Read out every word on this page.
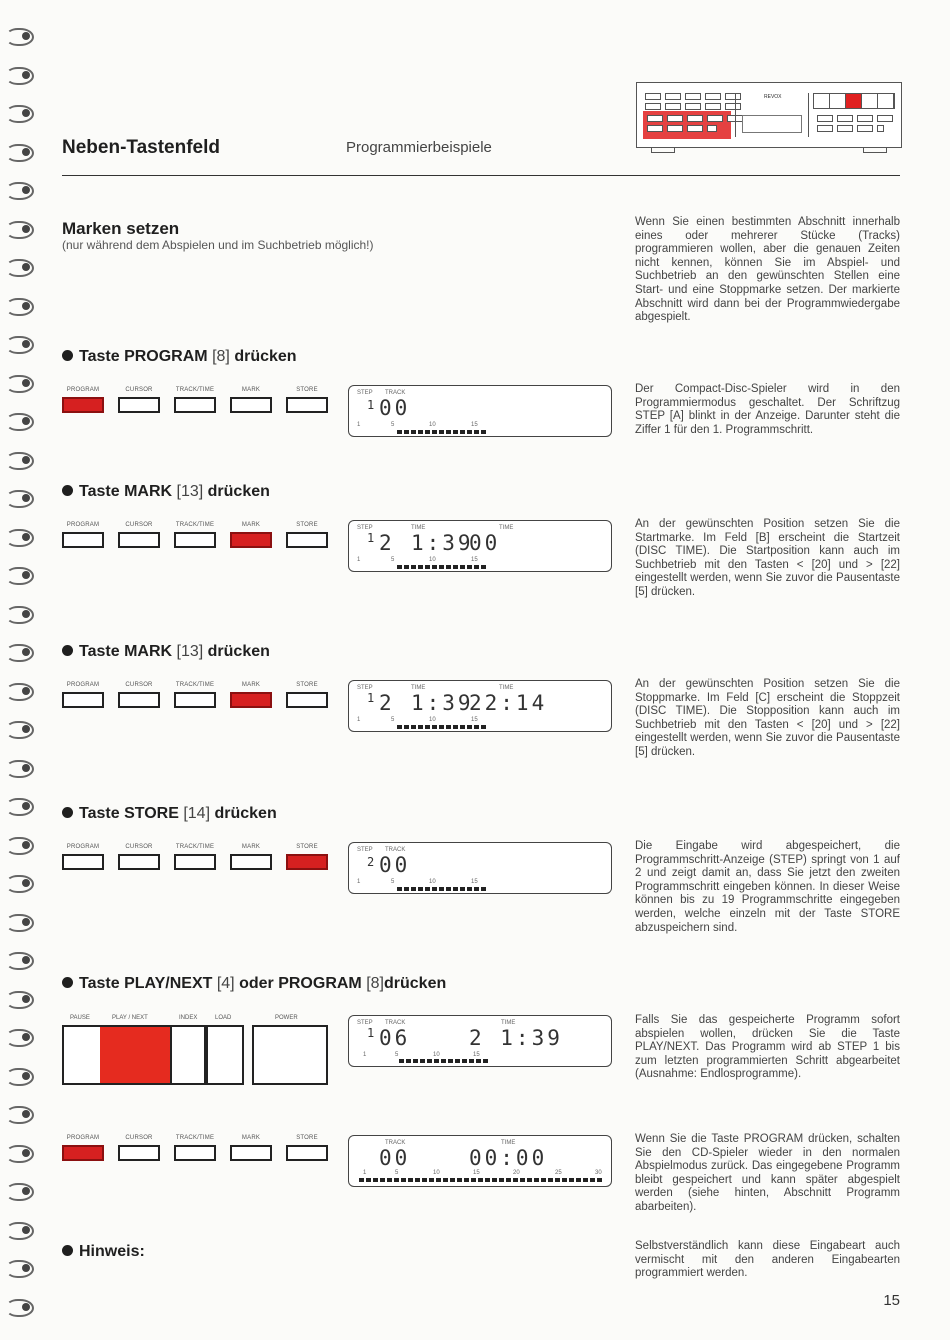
Neben-Tastenfeld	Programmierbeispiele
REVOX
Marken setzen
(nur während dem Abspielen und im Suchbetrieb möglich!)
Wenn Sie einen bestimmten Abschnitt innerhalb eines oder mehrerer Stücke (Tracks) programmieren wollen, aber die genauen Zeiten nicht kennen, können Sie im Abspiel- und Suchbetrieb an den gewünschten Stellen eine Start- und eine Stoppmarke setzen. Der markierte Abschnitt wird dann bei der Programmwiedergabe abgespielt.
Taste PROGRAM [8] drücken
PROGRAM	CURSOR	TRACK/TIME	MARK	STORE	STEP TRACK
1 00
1	5	10	15
Der Compact-Disc-Spieler wird in den Programmiermodus geschaltet. Der Schriftzug STEP [A] blinkt in der Anzeige. Darunter steht die Ziffer 1 für den 1. Programmschritt.
Taste MARK [13] drücken
PROGRAM	CURSOR	TRACK/TIME	MARK	STORE	STEP	TIME	TIME
1 2 1:39
00
1	5	10	15
An der gewünschten Position setzen Sie die Startmarke. Im Feld [B] erscheint die Startzeit (DISC TIME). Die Startposition kann auch im Suchbetrieb mit den Tasten < [20] und > [22] eingestellt werden, wenn Sie zuvor die Pausentaste [5] drücken.
Taste MARK [13] drücken
PROGRAM	CURSOR	TRACK/TIME	MARK	STORE	STEP	TIME	TIME
1 2 1:39
22:14
1	5	10	15
An der gewünschten Position setzen Sie die Stoppmarke. Im Feld [C] erscheint die Stoppzeit (DISC TIME). Die Stopposition kann auch im Suchbetrieb mit den Tasten < [20] und > [22] eingestellt werden, wenn Sie zuvor die Pausentaste [5] drücken.
Taste STORE [14] drücken
PROGRAM	CURSOR	TRACK/TIME	MARK	STORE	STEP TRACK
2 00
1	5	10	15
Die Eingabe wird abgespeichert, die Programmschritt-Anzeige (STEP) springt von 1 auf 2 und zeigt damit an, dass Sie jetzt den zweiten Programmschritt eingeben können. In dieser Weise können bis zu 19 Programmschritte eingegeben werden, welche einzeln mit der Taste STORE abzuspeichern sind.
Taste PLAY/NEXT [4] oder PROGRAM [8]drücken
PAUSE	PLAY / NEXT	INDEX	LOAD	POWER
STEP TRACK	TIME
1 06	2 1:39
1	5	10	15
Falls Sie das gespeicherte Programm sofort abspielen wollen, drücken Sie die Taste PLAY/NEXT. Das Programm wird ab STEP 1 bis zum letzten programmierten Schritt abgearbeitet (Ausnahme: Endlosprogramme).
PROGRAM	CURSOR	TRACK/TIME	MARK	STORE
TRACK	TIME
00	00:00
1	5	10	15	20	25	30
Wenn Sie die Taste PROGRAM drücken, schalten Sie den CD-Spieler wieder in den normalen Abspielmodus zurück. Das eingegebene Programm bleibt gespeichert und kann später abgespielt werden (siehe hinten, Abschnitt Programm abarbeiten).
Hinweis:	Selbstverständlich kann diese Eingabeart auch vermischt mit den anderen Eingabearten programmiert werden.
15
